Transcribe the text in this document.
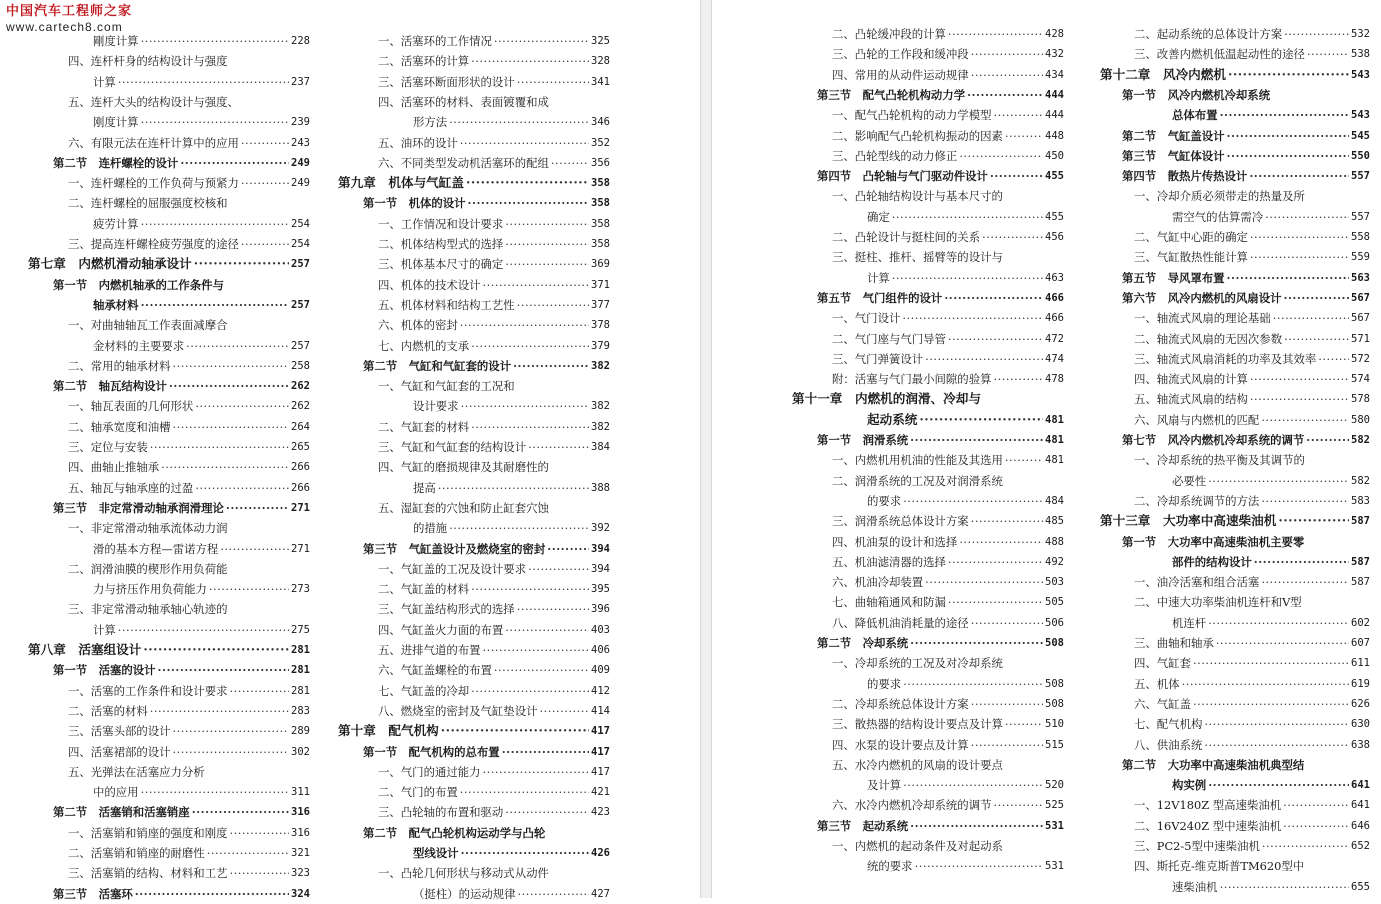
中国汽车工程师之家
www.cartech8.com
剛度计算 ·····	228
四、连杆杆身的结构设计与强度
计算 ·····	237
五、连杆大头的结构设计与强度、
刚度计算 ·····	239
六、有限元法在连杆计算中的应用 ·····	243
第二节　连杆螺栓的设计 ·····	249
一、连杆螺栓的工作负荷与预紧力 ·····	249
二、连杆螺栓的屈服强度校核和
疲劳计算 ·····	254
三、提高连杆螺栓疲劳强度的途径 ·····	254
第七章　内燃机滑动轴承设计 ·····	257
第一节　内燃机轴承的工作条件与
轴承材料 ·····	257
一、对曲轴轴瓦工作表面减摩合
金材料的主要要求 ·····	257
二、常用的轴承材料 ·····	258
第二节　轴瓦结构设计 ·····	262
一、轴瓦表面的几何形状 ·····	262
二、轴承宽度和油槽 ·····	264
三、定位与安装 ·····	265
四、曲轴止推轴承 ·····	266
五、轴瓦与轴承座的过盈 ·····	266
第三节　非定常滑动轴承润滑理论 ·····	271
一、非定常滑动轴承流体动力润
滑的基本方程—雷诺方程 ·····	271
二、润滑油膜的楔形作用负荷能
力与挤压作用负荷能力 ·····	273
三、非定常滑动轴承轴心轨迹的
计算 ·····	275
第八章　活塞组设计 ·····	281
第一节　活塞的设计 ·····	281
一、活塞的工作条件和设计要求 ·····	281
二、活塞的材料 ·····	283
三、活塞头部的设计 ·····	289
四、活塞裙部的设计 ·····	302
五、光弹法在活塞应力分析
中的应用 ·····	311
第二节　活塞销和活塞销座 ·····	316
一、活塞销和销座的强度和刚度 ·····	316
二、活塞销和销座的耐磨性 ·····	321
三、活塞销的结构、材料和工艺 ·····	323
第三节　活塞环 ·····	324
一、活塞环的工作情况 ·····	325
二、活塞环的计算 ·····	328
三、活塞环断面形状的设计 ·····	341
四、活塞环的材料、表面镀覆和成
形方法 ·····	346
五、油环的设计 ·····	352
六、不同类型发动机活塞环的配组 ·····	356
第九章　机体与气缸盖 ·····	358
第一节　机体的设计 ·····	358
一、工作情况和设计要求 ·····	358
二、机体结构型式的选择 ·····	358
三、机体基本尺寸的确定 ·····	369
四、机体的技术设计 ·····	371
五、机体材料和结构工艺性 ·····	377
六、机体的密封 ·····	378
七、内燃机的支承 ·····	379
第二节　气缸和气缸套的设计 ·····	382
一、气缸和气缸套的工况和
设计要求 ·····	382
二、气缸套的材料 ·····	382
三、气缸和气缸套的结构设计 ·····	384
四、气缸的磨损规律及其耐磨性的
提高 ·····	388
五、湿缸套的穴蚀和防止缸套穴蚀
的措施 ·····	392
第三节　气缸盖设计及燃烧室的密封 ·····	394
一、气缸盖的工况及设计要求 ·····	394
二、气缸盖的材料 ·····	395
三、气缸盖结构形式的选择 ·····	396
四、气缸盖火力面的布置 ·····	403
五、进排气道的布置 ·····	406
六、气缸盖螺栓的布置 ·····	409
七、气缸盖的冷却 ·····	412
八、燃烧室的密封及气缸垫设计 ·····	414
第十章　配气机构 ·····	417
第一节　配气机构的总布置 ·····	417
一、气门的通过能力 ·····	417
二、气门的布置 ·····	421
三、凸轮轴的布置和驱动 ·····	423
第二节　配气凸轮机构运动学与凸轮
型线设计 ·····	426
一、凸轮几何形状与移动式从动件
（挺柱）的运动规律 ·····	427
二、凸轮缓冲段的计算 ·····	428
三、凸轮的工作段和缓冲段 ·····	432
四、常用的从动件运动规律 ·····	434
第三节　配气凸轮机构动力学 ·····	444
一、配气凸轮机构的动力学模型 ·····	444
二、影响配气凸轮机构振动的因素 ·····	448
三、凸轮型线的动力修正 ·····	450
第四节　凸轮轴与气门驱动件设计 ·····	455
一、凸轮轴结构设计与基本尺寸的
确定 ·····	455
二、凸轮设计与挺柱间的关系 ·····	456
三、挺柱、推杆、摇臂等的设计与
计算 ·····	463
第五节　气门组件的设计 ·····	466
一、气门设计 ·····	466
二、气门座与气门导管 ·····	472
三、气门弹簧设计 ·····	474
附：活塞与气门最小间隙的验算 ·····	478
第十一章　内燃机的润滑、冷却与
起动系统 ·····	481
第一节　润滑系统 ·····	481
一、内燃机用机油的性能及其选用 ·····	481
二、润滑系统的工况及对润滑系统
的要求 ·····	484
三、润滑系统总体设计方案 ·····	485
四、机油泵的设计和选择 ·····	488
五、机油滤清器的选择 ·····	492
六、机油冷却装置 ·····	503
七、曲轴箱通风和防漏 ·····	505
八、降低机油消耗量的途径 ·····	506
第二节　冷却系统 ·····	508
一、冷却系统的工况及对冷却系统
的要求 ·····	508
二、冷却系统总体设计方案 ·····	508
三、散热器的结构设计要点及计算 ·····	510
四、水泵的设计要点及计算 ·····	515
五、水冷内燃机的风扇的设计要点
及计算 ·····	520
六、水冷内燃机冷却系统的调节 ·····	525
第三节　起动系统 ·····	531
一、内燃机的起动条件及对起动系
统的要求 ·····	531
二、起动系统的总体设计方案 ·····	532
三、改善内燃机低温起动性的途径 ·····	538
第十二章　风冷内燃机 ·····	543
第一节　风冷内燃机冷却系统
总体布置 ·····	543
第二节　气缸盖设计 ·····	545
第三节　气缸体设计 ·····	550
第四节　散热片传热设计 ·····	557
一、冷却介质必须带走的热量及所
需空气的估算需冷 ·····	557
二、气缸中心距的确定 ·····	558
三、气缸散热性能计算 ·····	559
第五节　导风罩布置 ·····	563
第六节　风冷内燃机的风扇设计 ·····	567
一、轴流式风扇的理论基础 ·····	567
二、轴流式风扇的无因次参数 ·····	571
三、轴流式风扇消耗的功率及其效率 ·····	572
四、轴流式风扇的计算 ·····	574
五、轴流式风扇的结构 ·····	578
六、风扇与内燃机的匹配 ·····	580
第七节　风冷内燃机冷却系统的调节 ·····	582
一、冷却系统的热平衡及其调节的
必要性 ·····	582
二、冷却系统调节的方法 ·····	583
第十三章　大功率中高速柴油机 ·····	587
第一节　大功率中高速柴油机主要零
部件的结构设计 ·····	587
一、油冷活塞和组合活塞 ·····	587
二、中速大功率柴油机连杆和Ⅴ型
机连杆 ·····	602
三、曲轴和轴承 ·····	607
四、气缸套 ·····	611
五、机体 ·····	619
六、气缸盖 ·····	626
七、配气机构 ·····	630
八、供油系统 ·····	638
第二节　大功率中高速柴油机典型结
构实例 ·····	641
一、12V180Z 型高速柴油机 ·····	641
二、16V240Z 型中速柴油机 ·····	646
三、PC2-5型中速柴油机 ·····	652
四、斯托克-维克斯普TM620型中
速柴油机 ·····	655
